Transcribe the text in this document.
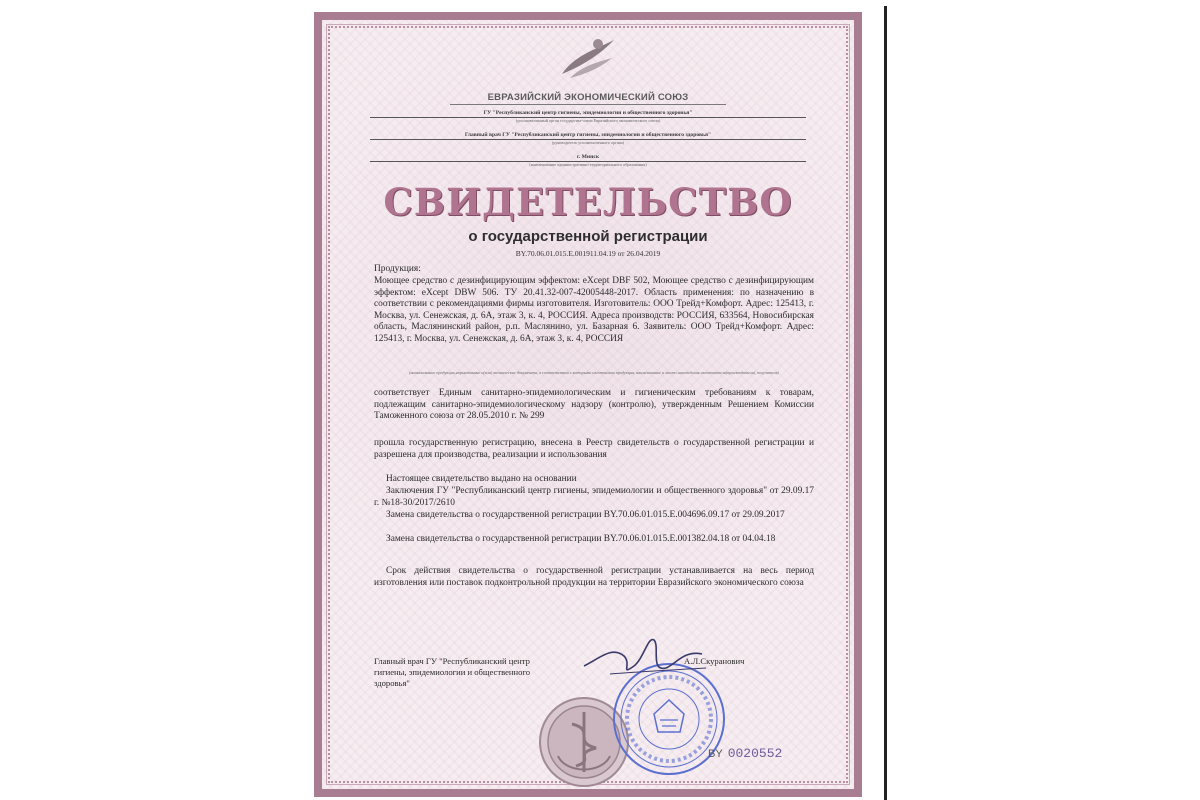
ЕВРАЗИЙСКИЙ ЭКОНОМИЧЕСКИЙ СОЮЗ
ГУ "Республиканский центр гигиены, эпидемиологии и общественного здоровья"
(уполномоченный орган государства-члена Евразийского экономического союза)
Главный врач ГУ "Республиканский центр гигиены, эпидемиологии и общественного здоровья"
(руководитель уполномоченного органа)
г. Минск
(наименование административно-территориального образования)
СВИДЕТЕЛЬСТВО
о государственной регистрации
BY.70.06.01.015.E.001911.04.19 от 26.04.2019
Продукция:
Моющее средство с дезинфицирующим эффектом: eXcept DBF 502, Моющее средство с дезинфицирующим эффектом: eXcept DBW 506. ТУ 20.41.32-007-42005448-2017. Область применения: по назначению в соответствии с рекомендациями фирмы изготовителя. Изготовитель: ООО Трейд+Комфорт. Адрес: 125413, г. Москва, ул. Сенежская, д. 6А, этаж 3, к. 4, РОССИЯ. Адреса производств: РОССИЯ, 633564, Новосибирская область, Маслянинский район, р.п. Маслянино, ул. Базарная 6. Заявитель: ООО Трейд+Комфорт. Адрес: 125413, г. Москва, ул. Сенежская, д. 6А, этаж 3, к. 4, РОССИЯ
(наименование продукции,нормативные и(или) технические документы, в соответствии с которыми изготовлена продукция, наименование и место нахождения изготовителя(производителя), получателя)
соответствует Единым санитарно-эпидемиологическим и гигиеническим требованиям к товарам, подлежащим санитарно-эпидемиологическому надзору (контролю), утвержденным Решением Комиссии Таможенного союза от 28.05.2010 г. № 299
прошла государственную регистрацию, внесена в Реестр свидетельств о государственной регистрации и разрешена для производства, реализации и использования
Настоящее свидетельство выдано на основании
Заключения ГУ "Республиканский центр гигиены, эпидемиологии и общественного здоровья" от 29.09.17 г. №18-30/2017/2610
Замена свидетельства о государственной регистрации BY.70.06.01.015.E.004696.09.17 от 29.09.2017
Замена свидетельства о государственной регистрации BY.70.06.01.015.E.001382.04.18 от 04.04.18
Срок действия свидетельства о государственной регистрации устанавливается на весь период изготовления или поставок подконтрольной продукции на территории Евразийского экономического союза
Главный врач ГУ "Республиканский центр гигиены, эпидемиологии и общественного здоровья"
А.Л.Скуранович
BY 0020552
